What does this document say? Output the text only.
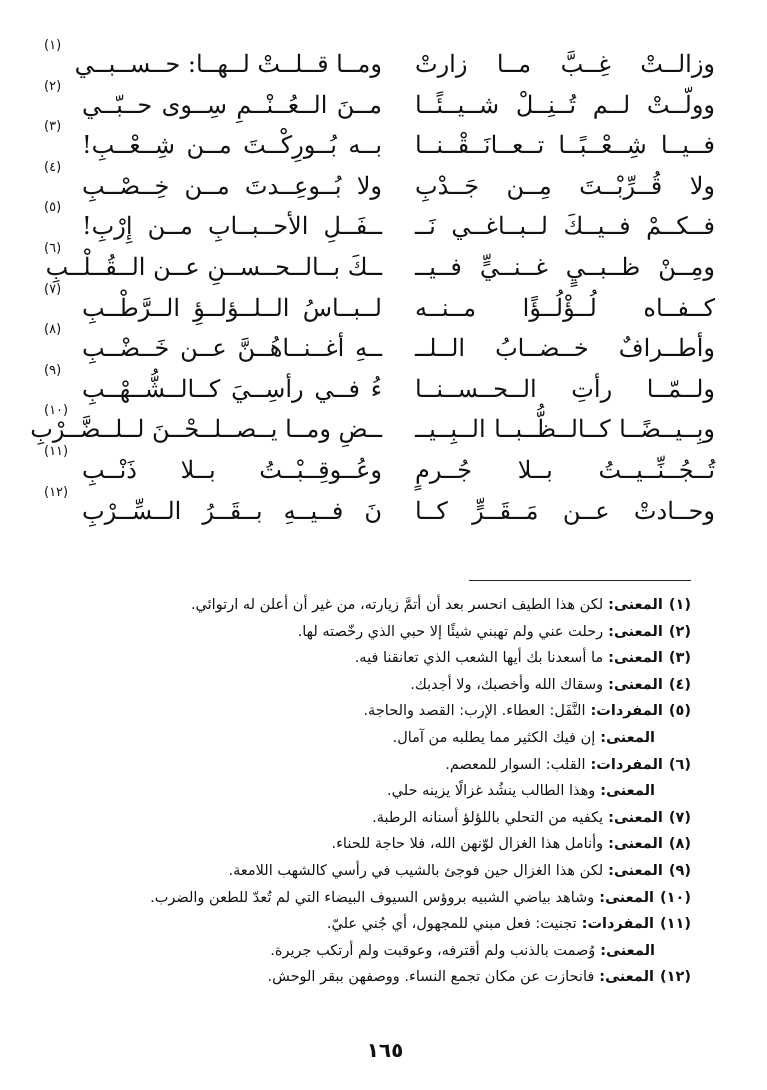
وزالــتْ غِــبَّ مــا زارتْ
ومــا قــلــتْ لــهــا: حــســبــي
(١)
وولّــتْ لــم تُــنِــلْ شــيــئًــا
مــنَ الــعُــنْــمِ سِــوى حــبّــي
(٢)
فــيــا شِــعْــبًــا تــعــانَــقْــنــا
بــه بُــورِكْــتَ مــن شِــعْــبِ!
(٣)
ولا قُــرِّبْــتَ مِــن جَــدْبِ
ولا بُــوعِــدتَ مــن خِــصْــبِ
(٤)
فــكــمْ فــيــكَ لــبــاغــي نَــ
ــفَــلِ الأحــبــابِ مــن إِرْبِ!
(٥)
ومِــنْ ظــبــيٍ غــنــيٍّ فــيــ
ــكَ بــالــحــســنِ عــن الــقُــلْــبِ
(٦)
كــفــاه لُــؤْلُــؤًا مــنــه
لــبــاسُ الــلــؤلــؤِ الــرَّطْــبِ
(٧)
وأطــرافٌ خــضــابُ الــلــ
ــهِ أغــنــاهُــنَّ عــن خَــضْــبِ
(٨)
ولــمّــا رأتِ الــحــســنــا
ءُ فــي رأسِــيَ كــالــشُّــهْــبِ
(٩)
وبِــيــضًــا كــالــظُّــبــا الــبِــيــ
ــضِ ومــا يــصــلــحْــنَ لــلــضَّــرْبِ
(١٠)
تُــجُــنِّــيــتُ بــلا جُــرمٍ
وعُــوقِــبْــتُ بــلا ذَنْــبِ
(١١)
وحــادتْ عــن مَــقَــرٍّ كــا
نَ فــيــهِ بــقَــرُ الــسِّــرْبِ
(١٢)
(١)المعنى:لكن هذا الطيف انحسر بعد أن أتمَّ زيارته، من غير أن أعلن له ارتوائي.
(٢)المعنى:رحلت عني ولم تهبني شيئًا إلا حبي الذي رخّصته لها.
(٣)المعنى:ما أسعدنا بك أيها الشعب الذي تعانقنا فيه.
(٤)المعنى:وسقاك الله وأخصبك، ولا أجدبك.
(٥)المفردات:النَّفَل: العطاء. الإرب: القصد والحاجة.
المعنى:إن فيك الكثير مما يطلبه من آمال.
(٦)المفردات:القلب: السوار للمعصم.
المعنى:وهذا الطالب ينشُد غزالًا يزينه حلي.
(٧)المعنى:يكفيه من التحلي باللؤلؤ أسنانه الرطبة.
(٨)المعنى:وأنامل هذا الغزال لوّنهن الله، فلا حاجة للحناء.
(٩)المعنى:لكن هذا الغزال حين فوجئ بالشيب في رأسي كالشهب اللامعة.
(١٠)المعنى:وشاهد بياضي الشبيه بروؤس السيوف البيضاء التي لم تُعدّ للطعن والضرب.
(١١)المفردات:تجنيت: فعل مبني للمجهول، أي جُني عليّ.
المعنى:وُصمت بالذنب ولم أقترفه، وعوقبت ولم أرتكب جريرة.
(١٢)المعنى:فانحازت عن مكان تجمع النساء. ووصفهن ببقر الوحش.
١٦٥
